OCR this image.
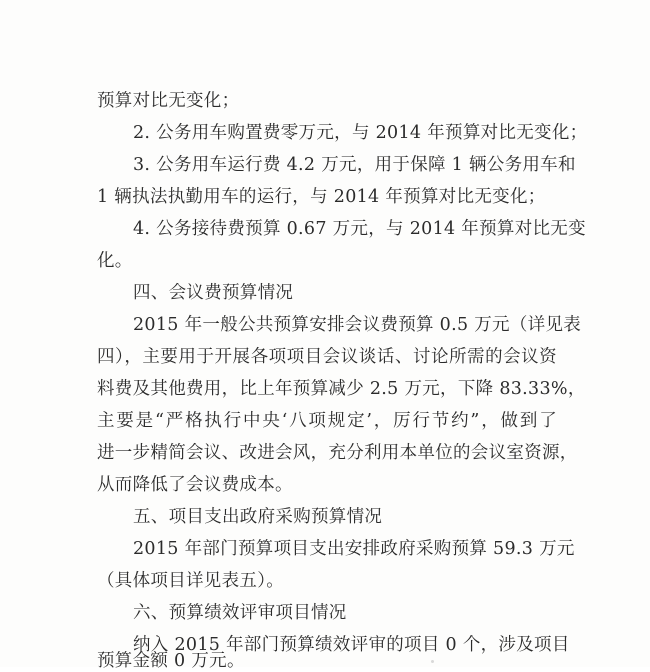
预算对比无变化；
2. 公务用车购置费零万元，与 2014 年预算对比无变化；
3. 公务用车运行费 4.2 万元，用于保障 1 辆公务用车和
1 辆执法执勤用车的运行，与 2014 年预算对比无变化；
4. 公务接待费预算 0.67 万元，与 2014 年预算对比无变
化。
四、会议费预算情况
2015 年一般公共预算安排会议费预算 0.5 万元（详见表
四），主要用于开展各项项目会议谈话、讨论所需的会议资
料费及其他费用，比上年预算减少 2.5 万元，下降 83.33%，
主要是“严格执行中央‘八项规定’，厉行节约”，做到了
进一步精简会议、改进会风，充分利用本单位的会议室资源，
从而降低了会议费成本。
五、项目支出政府采购预算情况
2015 年部门预算项目支出安排政府采购预算 59.3 万元
（具体项目详见表五）。
六、预算绩效评审项目情况
纳入 2015 年部门预算绩效评审的项目 0 个，涉及项目
预算金额 0 万元。
